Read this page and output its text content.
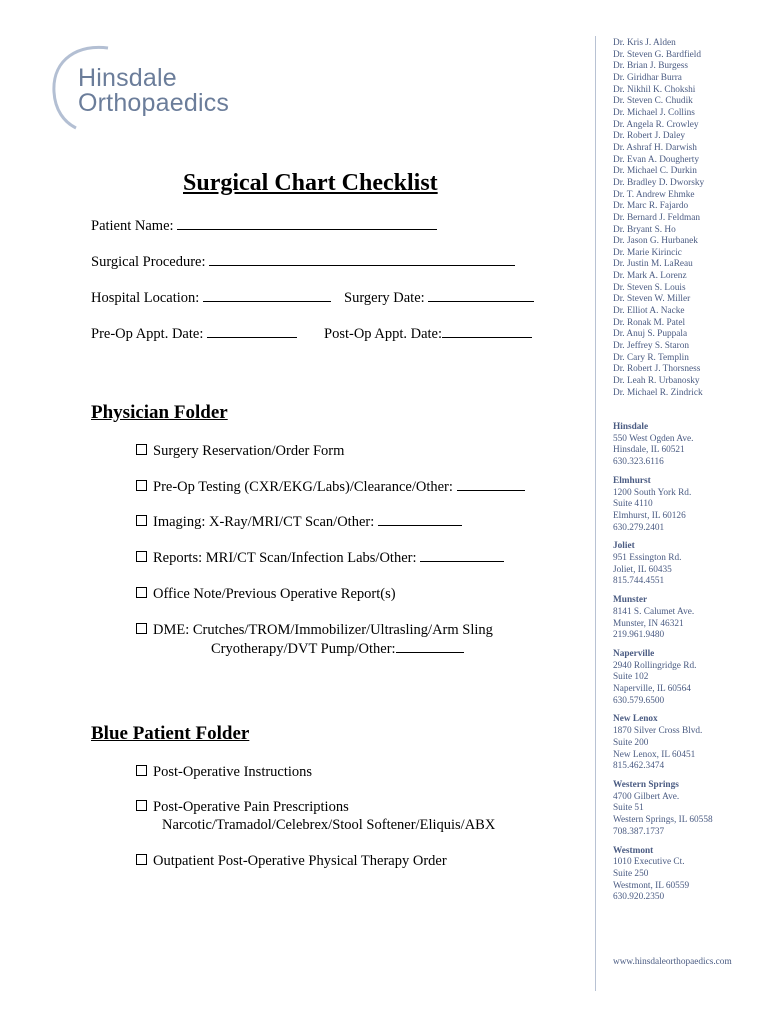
Hinsdale
Orthopaedics
Surgical Chart Checklist
Patient Name:
Surgical Procedure:
Hospital Location:	Surgery Date:
Pre-Op Appt. Date:	Post-Op Appt. Date:
Physician Folder
Surgery Reservation/Order Form
Pre-Op Testing (CXR/EKG/Labs)/Clearance/Other:
Imaging: X-Ray/MRI/CT Scan/Other:
Reports: MRI/CT Scan/Infection Labs/Other:
Office Note/Previous Operative Report(s)
DME: Crutches/TROM/Immobilizer/Ultrasling/Arm Sling
Cryotherapy/DVT Pump/Other:
Blue Patient Folder
Post-Operative Instructions
Post-Operative Pain Prescriptions
Narcotic/Tramadol/Celebrex/Stool Softener/Eliquis/ABX
Outpatient Post-Operative Physical Therapy Order
Dr. Kris J. Alden
Dr. Steven G. Bardfield
Dr. Brian J. Burgess
Dr. Giridhar Burra
Dr. Nikhil K. Chokshi
Dr. Steven C. Chudik
Dr. Michael J. Collins
Dr. Angela R. Crowley
Dr. Robert J. Daley
Dr. Ashraf H. Darwish
Dr. Evan A. Dougherty
Dr. Michael C. Durkin
Dr. Bradley D. Dworsky
Dr. T. Andrew Ehmke
Dr. Marc R. Fajardo
Dr. Bernard J. Feldman
Dr. Bryant S. Ho
Dr. Jason G. Hurbanek
Dr. Marie Kirincic
Dr. Justin M. LaReau
Dr. Mark A. Lorenz
Dr. Steven S. Louis
Dr. Steven W. Miller
Dr. Elliot A. Nacke
Dr. Ronak M. Patel
Dr. Anuj S. Puppala
Dr. Jeffrey S. Staron
Dr. Cary R. Templin
Dr. Robert J. Thorsness
Dr. Leah R. Urbanosky
Dr. Michael R. Zindrick
Hinsdale
550 West Ogden Ave.
Hinsdale, IL 60521
630.323.6116
Elmhurst
1200 South York Rd.
Suite 4110
Elmhurst, IL 60126
630.279.2401
Joliet
951 Essington Rd.
Joliet, IL 60435
815.744.4551
Munster
8141 S. Calumet Ave.
Munster, IN 46321
219.961.9480
Naperville
2940 Rollingridge Rd.
Suite 102
Naperville, IL 60564
630.579.6500
New Lenox
1870 Silver Cross Blvd.
Suite 200
New Lenox, IL 60451
815.462.3474
Western Springs
4700 Gilbert Ave.
Suite 51
Western Springs, IL 60558
708.387.1737
Westmont
1010 Executive Ct.
Suite 250
Westmont, IL 60559
630.920.2350
www.hinsdaleorthopaedics.com
